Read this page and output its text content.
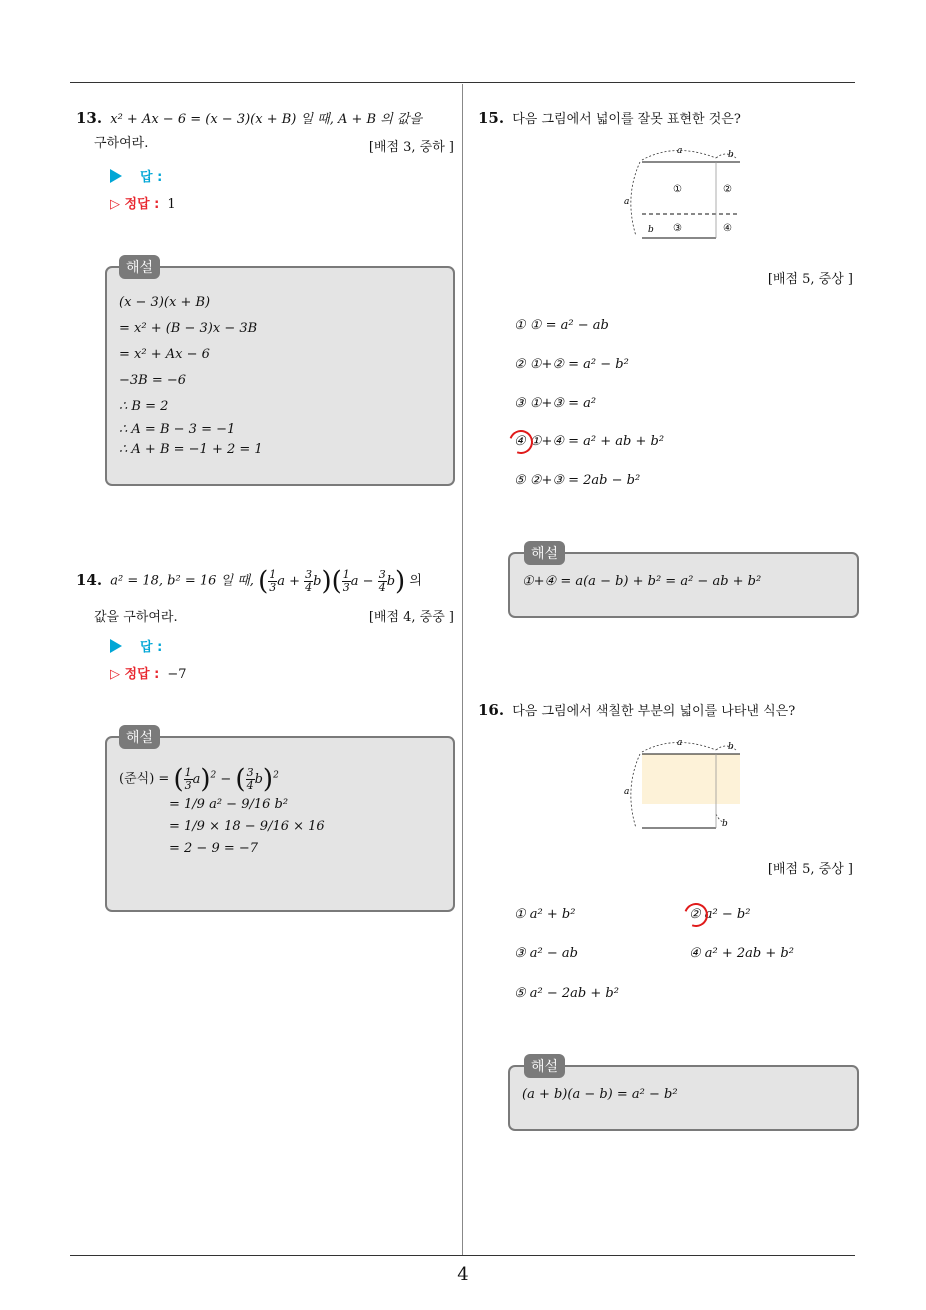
4
13. x² + Ax − 6 = (x − 3)(x + B) 일 때, A + B 의 값을
구하여라.	[배점 3, 중하 ]
답 :
▷ 정답 : 1
해설
(x − 3)(x + B)
= x² + (B − 3)x − 3B
= x² + Ax − 6
−3B = −6
∴ B = 2
∴ A = B − 3 = −1
∴ A + B = −1 + 2 = 1
14. a² = 18, b² = 16 일 때, ( $\frac{1}{3}$ $a + \frac{3}{4} b)( \frac{1}{3}$ $a - \frac{3}{4} b$) 의
값을 구하여라.	[배점 4, 중중 ]
답 :
▷ 정답 : −7
해설
(준식) = ( $\frac{1}{3} a)^2$ − ( $\frac{3}{4} b)^2$
= 1/9 a² − 9/16 b²
= 1/9 × 18 − 9/16 × 16
= 2 − 9 = −7
15. 다음 그림에서 넓이를 잘못 표현한 것은?
a	b
a
b
①	②
③	④
[배점 5, 중상 ]
① ① = a² − ab
② ①+② = a² − b²
③ ①+③ = a²
④ ①+④ = a² + ab + b²
⑤ ②+③ = 2ab − b²
해설
①+④ = a(a − b) + b² = a² − ab + b²
16. 다음 그림에서 색칠한 부분의 넓이를 나타낸 식은?
a	b
a
b
[배점 5, 중상 ]
① a² + b²	② a² − b²
③ a² − ab	④ a² + 2ab + b²
⑤ a² − 2ab + b²
해설
(a + b)(a − b) = a² − b²
